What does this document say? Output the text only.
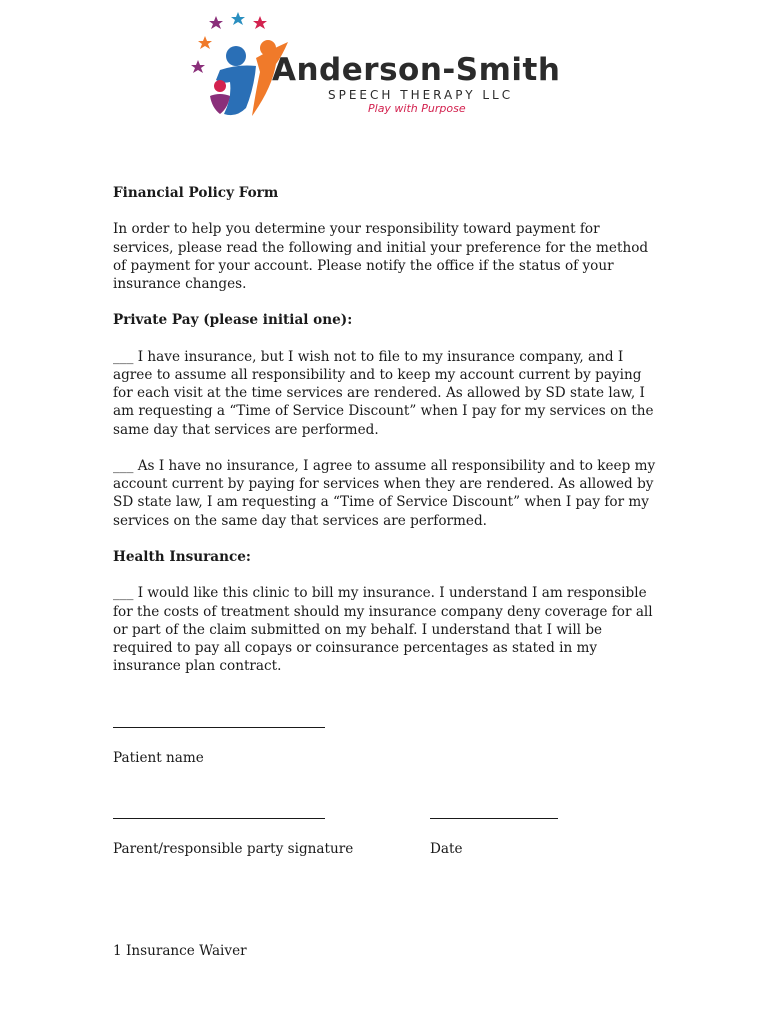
Anderson-Smith
SPEECH THERAPY LLC
Play with Purpose

Financial Policy Form

In order to help you determine your responsibility toward payment for services, please read the following and initial your preference for the method of payment for your account. Please notify the office if the status of your insurance changes.

Private Pay (please initial one):

___ I have insurance, but I wish not to file to my insurance company, and I agree to assume all responsibility and to keep my account current by paying for each visit at the time services are rendered. As allowed by SD state law, I am requesting a “Time of Service Discount” when I pay for my services on the same day that services are performed.

___ As I have no insurance, I agree to assume all responsibility and to keep my account current by paying for services when they are rendered. As allowed by SD state law, I am requesting a “Time of Service Discount” when I pay for my services on the same day that services are performed.

Health Insurance:

___ I would like this clinic to bill my insurance. I understand I am responsible for the costs of treatment should my insurance company deny coverage for all or part of the claim submitted on my behalf. I understand that I will be required to pay all copays or coinsurance percentages as stated in my insurance plan contract.

Patient name
Parent/responsible party signature	Date
1 Insurance Waiver
